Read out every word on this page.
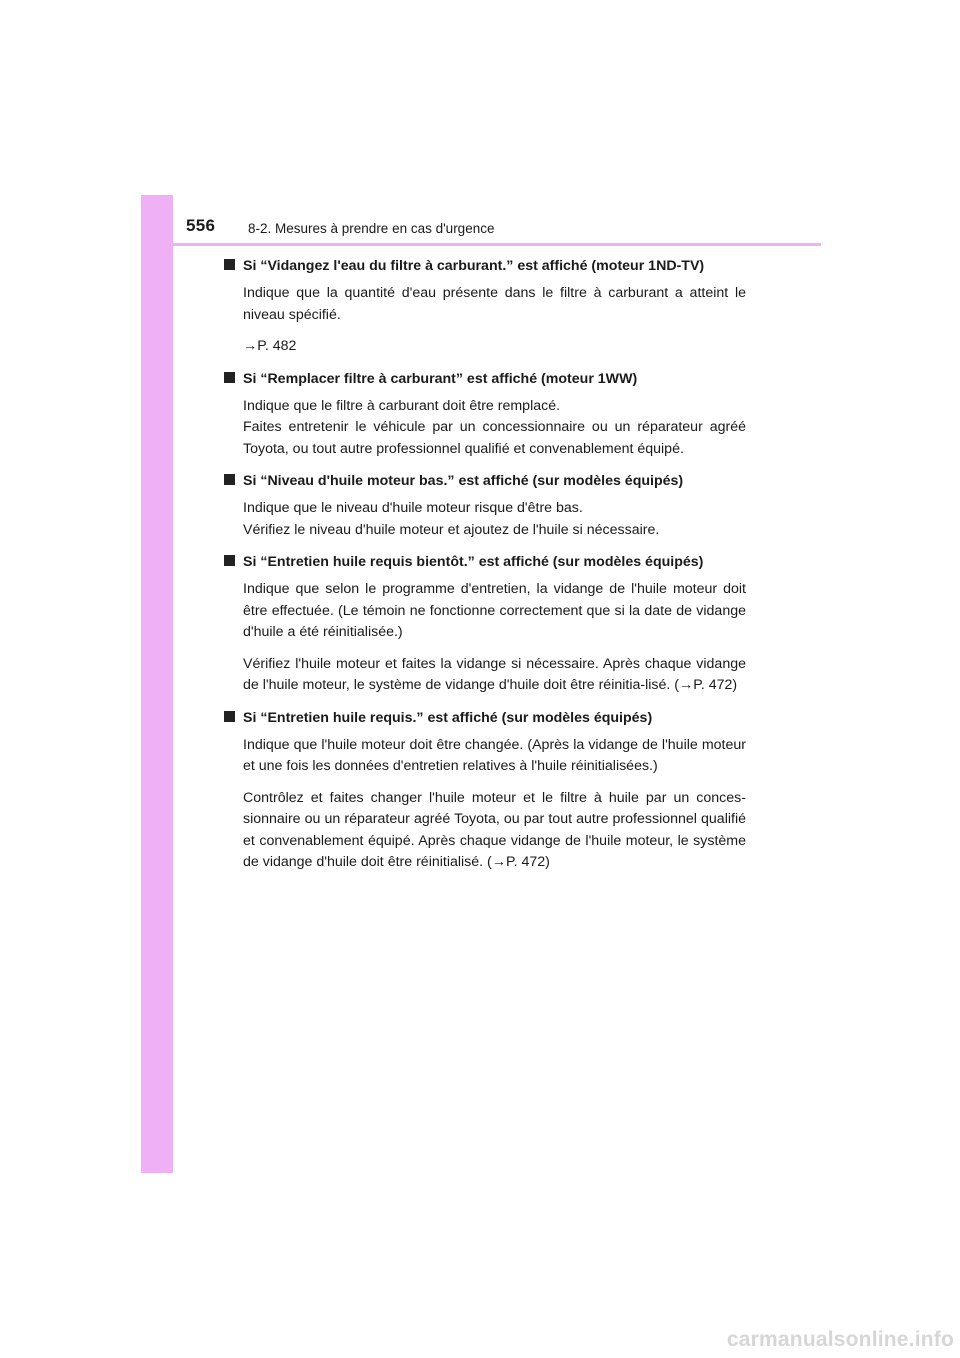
556 8-2. Mesures à prendre en cas d'urgence
Si “Vidangez l'eau du filtre à carburant.” est affiché (moteur 1ND-TV)

Indique que la quantité d'eau présente dans le filtre à carburant a atteint le niveau spécifié.

→P. 482

Si “Remplacer filtre à carburant” est affiché (moteur 1WW)

Indique que le filtre à carburant doit être remplacé.

Faites entretenir le véhicule par un concessionnaire ou un réparateur agréé Toyota, ou tout autre professionnel qualifié et convenablement équipé.

Si “Niveau d'huile moteur bas.” est affiché (sur modèles équipés)

Indique que le niveau d'huile moteur risque d'être bas.

Vérifiez le niveau d'huile moteur et ajoutez de l'huile si nécessaire.

Si “Entretien huile requis bientôt.” est affiché (sur modèles équipés)

Indique que selon le programme d'entretien, la vidange de l'huile moteur doit être effectuée. (Le témoin ne fonctionne correctement que si la date de vidange d'huile a été réinitialisée.)

Vérifiez l'huile moteur et faites la vidange si nécessaire. Après chaque vidange de l'huile moteur, le système de vidange d'huile doit être réinitia-lisé. (→P. 472)

Si “Entretien huile requis.” est affiché (sur modèles équipés)

Indique que l'huile moteur doit être changée. (Après la vidange de l'huile moteur et une fois les données d'entretien relatives à l'huile réinitialisées.)

Contrôlez et faites changer l'huile moteur et le filtre à huile par un conces-sionnaire ou un réparateur agréé Toyota, ou par tout autre professionnel qualifié et convenablement équipé. Après chaque vidange de l'huile moteur, le système de vidange d'huile doit être réinitialisé. (→P. 472)

carmanualsonline.info
